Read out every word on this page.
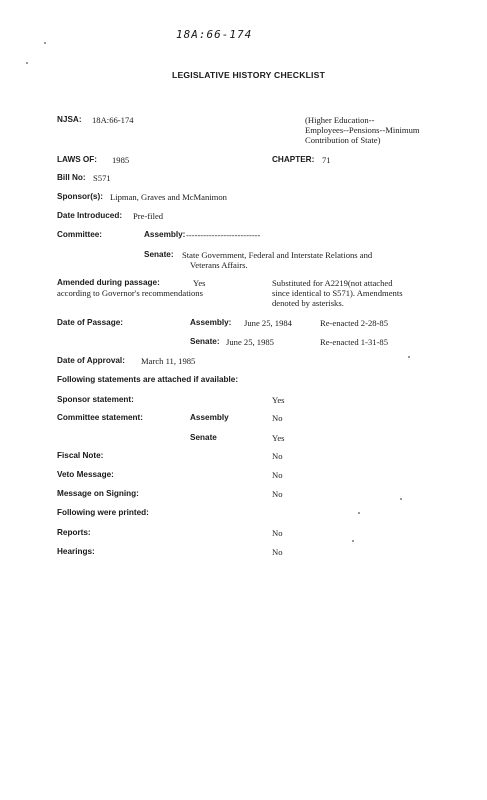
18A:66-174
LEGISLATIVE HISTORY CHECKLIST
NJSA: 18A:66-174	(Higher Education--
Employees--Pensions--Minimum
Contribution of State)
LAWS OF: 1985	CHAPTER: 71
Bill No: S571
Sponsor(s): Lipman, Graves and McManimon
Date Introduced: Pre-filed
Committee:	Assembly: --------------------------
Senate: State Government, Federal and Interstate Relations and
Veterans Affairs.
Amended during passage:	Yes
according to Governor's recommendations
Substituted for A2219(not attached
since identical to S571). Amendments
denoted by asterisks.
Date of Passage:	Assembly: June 25, 1984	Re-enacted 2-28-85
Senate: June 25, 1985	Re-enacted 1-31-85
Date of Approval: March 11, 1985
Following statements are attached if available:
Sponsor statement:	Yes
Committee statement:	Assembly	No
Senate	Yes
Fiscal Note:	No
Veto Message:	No
Message on Signing:	No
Following were printed:
Reports:	No
Hearings:	No
